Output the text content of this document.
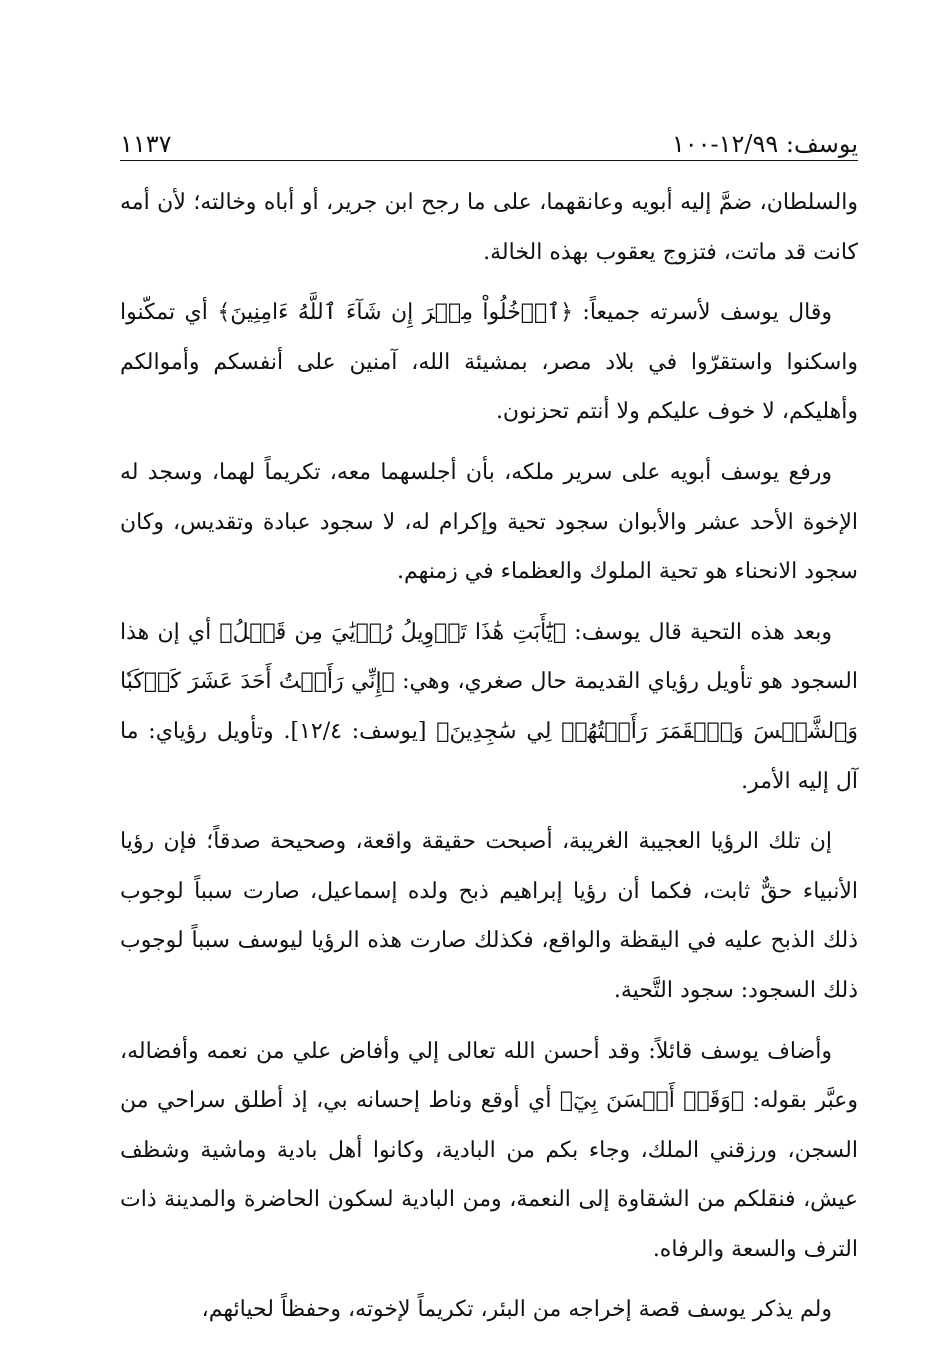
يوسف: ١٢/٩٩-١٠٠
١١٣٧

والسلطان، ضمَّ إليه أبويه وعانقهما، على ما رجح ابن جرير، أو أباه وخالته؛ لأن أمه كانت قد ماتت، فتزوج يعقوب بهذه الخالة.

وقال يوسف لأسرته جميعاً: ﴿ٱدۡخُلُواْ مِصۡرَ إِن شَآءَ ٱللَّهُ ءَامِنِينَ﴾ أي تمكّنوا واسكنوا واستقرّوا في بلاد مصر، بمشيئة الله، آمنين على أنفسكم وأموالكم وأهليكم، لا خوف عليكم ولا أنتم تحزنون.

ورفع يوسف أبويه على سرير ملكه، بأن أجلسهما معه، تكريماً لهما، وسجد له الإخوة الأحد عشر والأبوان سجود تحية وإكرام له، لا سجود عبادة وتقديس، وكان سجود الانحناء هو تحية الملوك والعظماء في زمنهم.

وبعد هذه التحية قال يوسف: ﴿يَٰٓأَبَتِ هَٰذَا تَأۡوِيلُ رُءۡيَٰيَ مِن قَبۡلُ﴾ أي إن هذا السجود هو تأويل رؤياي القديمة حال صغري، وهي: ﴿إِنِّي رَأَيۡتُ أَحَدَ عَشَرَ كَوۡكَبٗا وَٱلشَّمۡسَ وَٱلۡقَمَرَ رَأَيۡتُهُمۡ لِي سَٰجِدِينَ﴾ [يوسف: ١٢/٤]. وتأويل رؤياي: ما آل إليه الأمر.

إن تلك الرؤيا العجيبة الغريبة، أصبحت حقيقة واقعة، وصحيحة صدقاً؛ فإن رؤيا الأنبياء حقٌّ ثابت، فكما أن رؤيا إبراهيم ذبح ولده إسماعيل، صارت سبباً لوجوب ذلك الذبح عليه في اليقظة والواقع، فكذلك صارت هذه الرؤيا ليوسف سبباً لوجوب ذلك السجود: سجود التَّحية.

وأضاف يوسف قائلاً: وقد أحسن الله تعالى إلي وأفاض علي من نعمه وأفضاله، وعبَّر بقوله: ﴿وَقَدۡ أَحۡسَنَ بِيٓ﴾ أي أوقع وناط إحسانه بي، إذ أطلق سراحي من السجن، ورزقني الملك، وجاء بكم من البادية، وكانوا أهل بادية وماشية وشظف عيش، فنقلكم من الشقاوة إلى النعمة، ومن البادية لسكون الحاضرة والمدينة ذات الترف والسعة والرفاه.

ولم يذكر يوسف قصة إخراجه من البئر، تكريماً لإخوته، وحفظاً لحيائهم،
